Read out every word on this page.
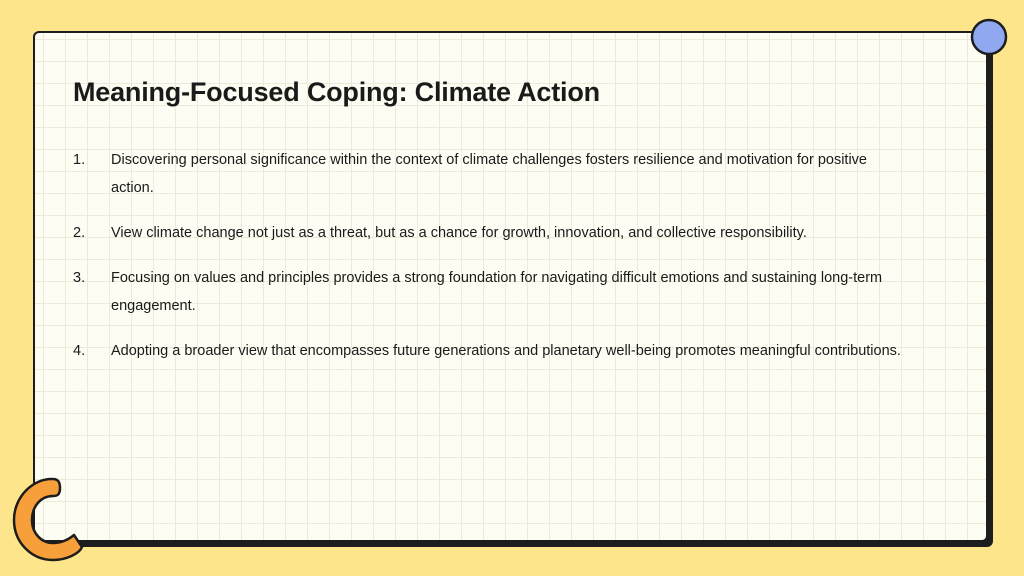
Meaning-Focused Coping: Climate Action
1.	Discovering personal significance within the context of climate challenges fosters resilience and motivation for positive action.
2.	View climate change not just as a threat, but as a chance for growth, innovation, and collective responsibility.
3.	Focusing on values and principles provides a strong foundation for navigating difficult emotions and sustaining long-term engagement.
4.	Adopting a broader view that encompasses future generations and planetary well-being promotes meaningful contributions.
